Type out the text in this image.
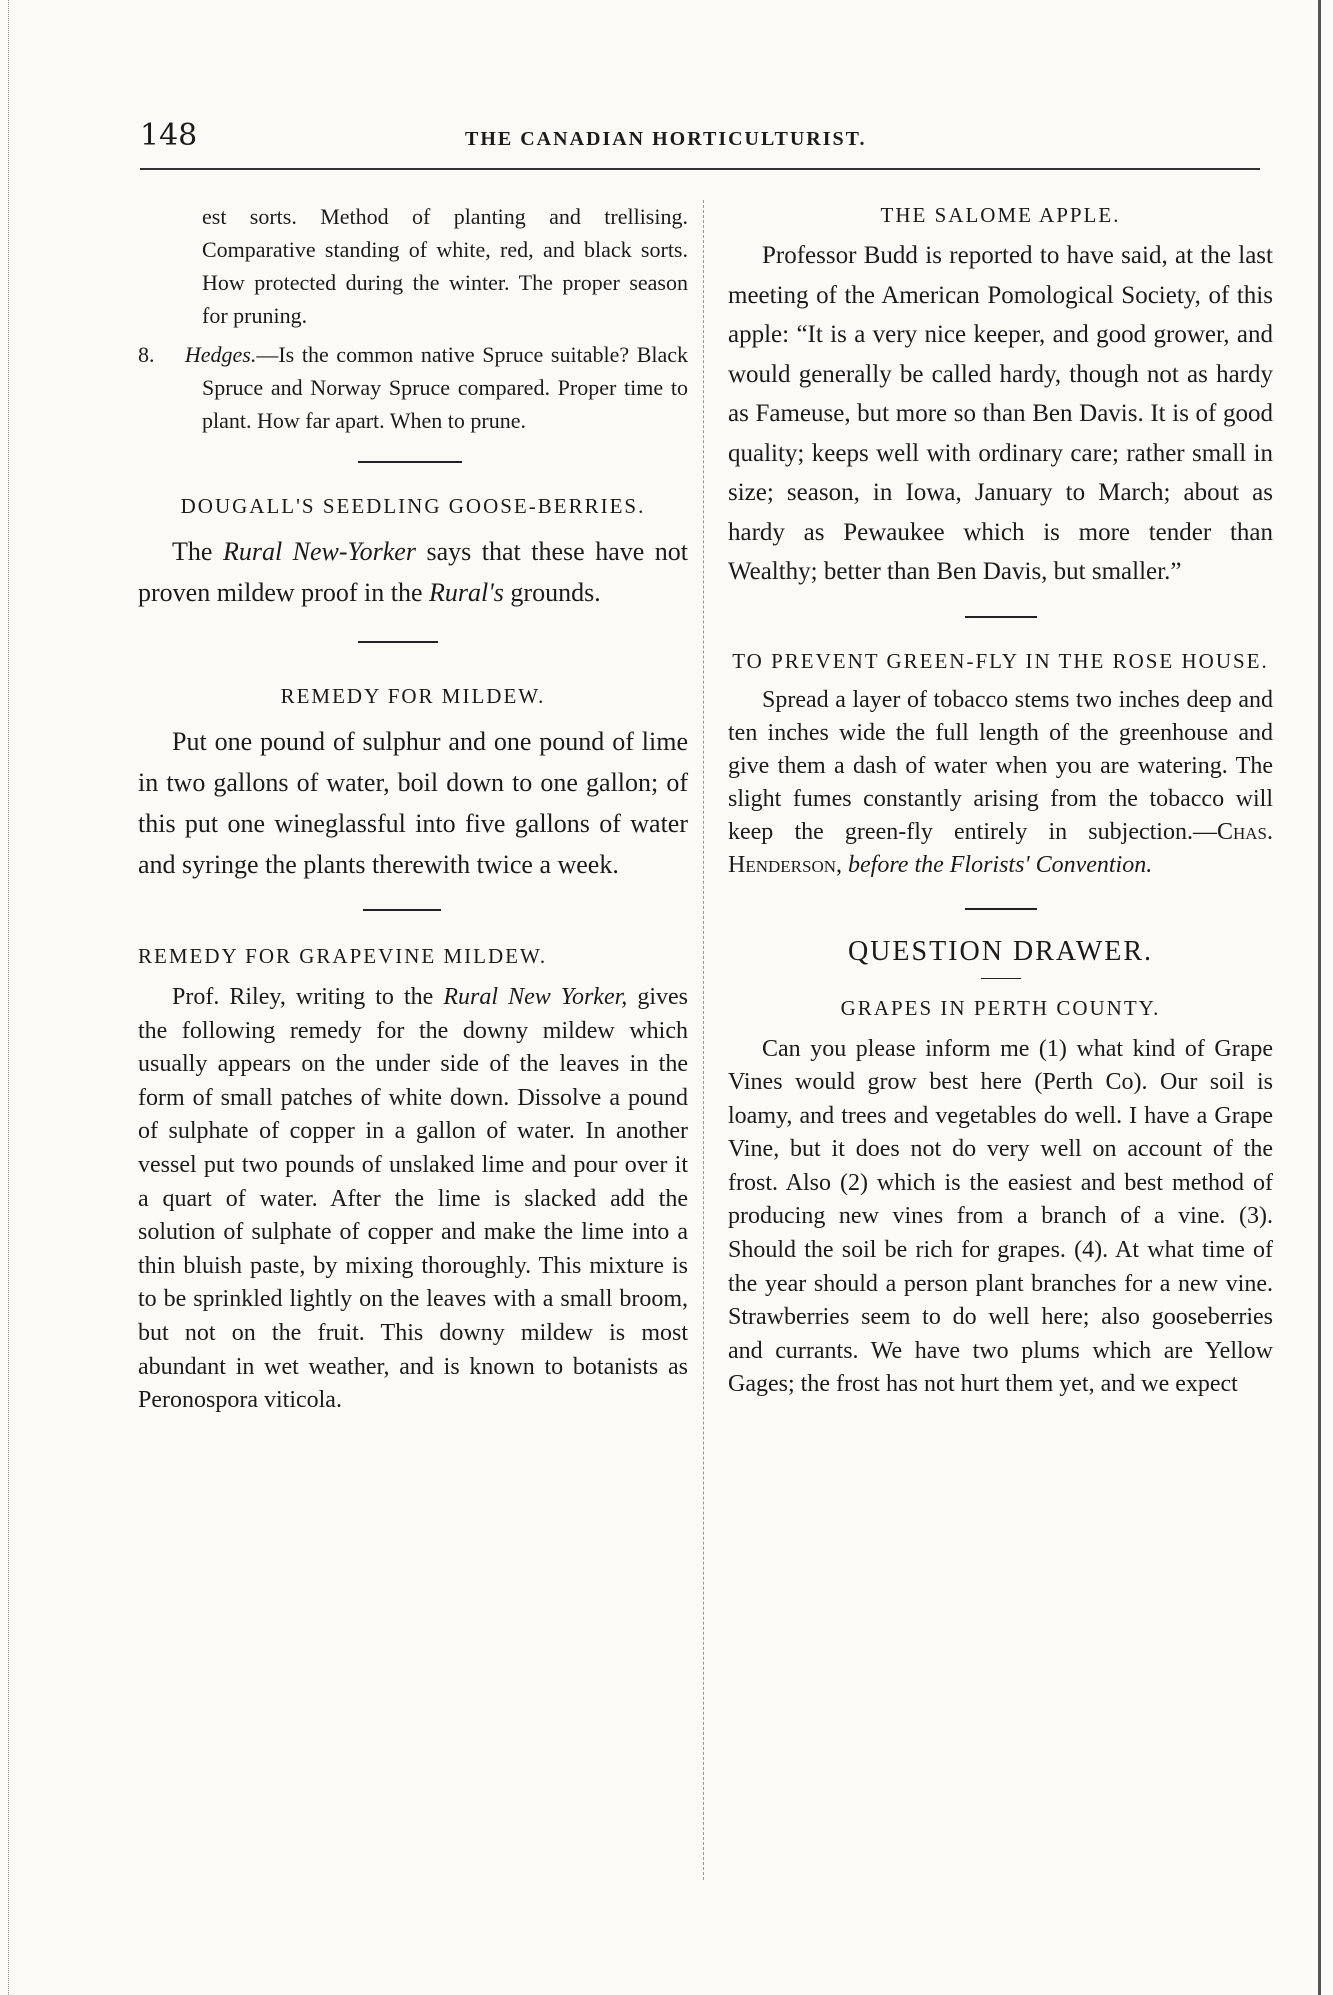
148	THE CANADIAN HORTICULTURIST.

est sorts. Method of planting and trellising. Comparative standing of white, red, and black sorts. How protected during the winter. The proper season for pruning.

8. Hedges.—Is the common native Spruce suitable? Black Spruce and Norway Spruce compared. Proper time to plant. How far apart. When to prune.

DOUGALL'S SEEDLING GOOSE-BERRIES.

The Rural New-Yorker says that these have not proven mildew proof in the Rural's grounds.

REMEDY FOR MILDEW.

Put one pound of sulphur and one pound of lime in two gallons of water, boil down to one gallon; of this put one wineglassful into five gallons of water and syringe the plants therewith twice a week.

REMEDY FOR GRAPEVINE MILDEW.

Prof. Riley, writing to the Rural New Yorker, gives the following remedy for the downy mildew which usually appears on the under side of the leaves in the form of small patches of white down. Dissolve a pound of sulphate of copper in a gallon of water. In another vessel put two pounds of unslaked lime and pour over it a quart of water. After the lime is slacked add the solution of sulphate of copper and make the lime into a thin bluish paste, by mixing thoroughly. This mixture is to be sprinkled lightly on the leaves with a small broom, but not on the fruit. This downy mildew is most abundant in wet weather, and is known to botanists as Peronospora viticola.

THE SALOME APPLE.

Professor Budd is reported to have said, at the last meeting of the American Pomological Society, of this apple: “It is a very nice keeper, and good grower, and would generally be called hardy, though not as hardy as Fameuse, but more so than Ben Davis. It is of good quality; keeps well with ordinary care; rather small in size; season, in Iowa, January to March; about as hardy as Pewaukee which is more tender than Wealthy; better than Ben Davis, but smaller.”

TO PREVENT GREEN-FLY IN THE ROSE HOUSE.

Spread a layer of tobacco stems two inches deep and ten inches wide the full length of the greenhouse and give them a dash of water when you are watering. The slight fumes constantly arising from the tobacco will keep the green-fly entirely in subjection.—Chas. Henderson, before the Florists' Convention.

QUESTION DRAWER.

GRAPES IN PERTH COUNTY.

Can you please inform me (1) what kind of Grape Vines would grow best here (Perth Co). Our soil is loamy, and trees and vegetables do well. I have a Grape Vine, but it does not do very well on account of the frost. Also (2) which is the easiest and best method of producing new vines from a branch of a vine. (3). Should the soil be rich for grapes. (4). At what time of the year should a person plant branches for a new vine. Strawberries seem to do well here; also gooseberries and currants. We have two plums which are Yellow Gages; the frost has not hurt them yet, and we expect
